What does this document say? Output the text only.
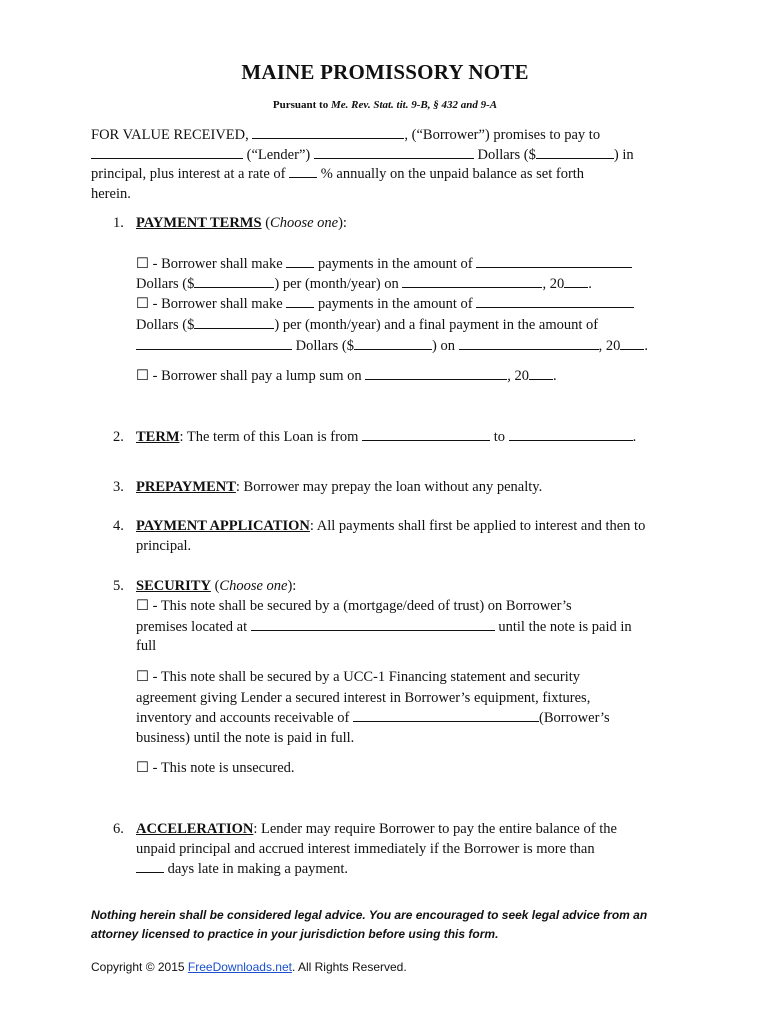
MAINE PROMISSORY NOTE
Pursuant to Me. Rev. Stat. tit. 9-B, § 432 and 9-A
FOR VALUE RECEIVED,	, (“Borrower”) promises to pay to
(“Lender”)	Dollars ($	) in
principal, plus interest at a rate of  % annually on the unpaid balance as set forth
herein.
1. PAYMENT TERMS (Choose one):
☐ - Borrower shall make  payments in the amount of
Dollars ($	) per (month/year) on	, 20 .
☐ - Borrower shall make  payments in the amount of
Dollars ($	) per (month/year) and a final payment in the amount of
Dollars ($	) on	, 20 .
☐ - Borrower shall pay a lump sum on	, 20 .
2. TERM: The term of this Loan is from	to	.
3. PREPAYMENT: Borrower may prepay the loan without any penalty.
4. PAYMENT APPLICATION: All payments shall first be applied to interest and then to
principal.
5. SECURITY (Choose one):
☐ - This note shall be secured by a (mortgage/deed of trust) on Borrower’s
premises located at	until the note is paid in
full
☐ - This note shall be secured by a UCC-1 Financing statement and security
agreement giving Lender a secured interest in Borrower’s equipment, fixtures,
inventory and accounts receivable of	(Borrower’s
business) until the note is paid in full.
☐ - This note is unsecured.
6. ACCELERATION: Lender may require Borrower to pay the entire balance of the
unpaid principal and accrued interest immediately if the Borrower is more than
days late in making a payment.
Nothing herein shall be considered legal advice. You are encouraged to seek legal advice from an
attorney licensed to practice in your jurisdiction before using this form.
Copyright © 2015 FreeDownloads.net. All Rights Reserved.
